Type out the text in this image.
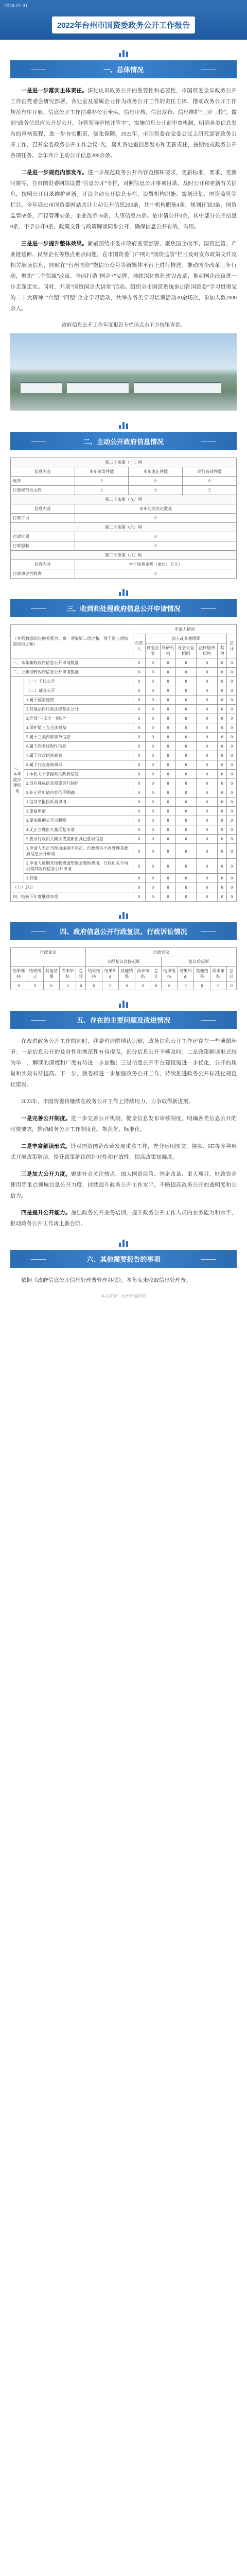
2024-01-31
2022年台州市国资委政务公开工作报告
一、总体情况

一是进一步落实主体责任。深化认识政务公开的重要性和必要性，市国资委全年政务公开工作由党委会研究部署，各处室及委属企业作为政务公开工作的责任主体，推动政务公开工作规范有序开展。信息公开工作由委办公室牵头，信息审核、信息发布、信息维护“三审三校”，做到“政务信息应公开尽公开，分管领导审核并签字”，实施信息公开前审查机制，明确各类信息发布的审核流程，进一步夯实职责，强化保障。2022年，市国资委在党委会议上研究部署政务公开工作，召开全委政务公开工作会议1次，落实各处室信息发布和更新责任，按期完成政务公开各项任务。全年共计主动公开信息200余条。

二是进一步规范内部发布。进一步规范政务公开内容范围和要求，更新标准、要求、更新时限等，在市国资委网站设置“信息公开”专栏，对照信息公开事项目录，及时公开和更新有关信息，按照公开目录维护更新。开设主动公开信息专栏，设置机构职能、规划计划、国资监管等栏目。全年通过市国资委网站共计主动公开信息203条，其中机构职能4条，规划计划3条，国资监管59条，产权管理52条，企业改革16条，人事信息25条。依申请公开0条，其中部分公开信息0条，不予公开0条。政策文件与政策解读同步公开，确保信息公开有效、有用。

三是进一步提升整体效果。紧紧围绕市委市政府重要部署，聚焦国企改革、国资监管、产业链延伸、民营企业等热点难点问题，在市国资委门户网站“国资监管”栏目及时发布政策文件及相关解读信息，同时在“台州国资”微信公众号等新媒体平台上进行推送。推动国企改革三年行动，聚焦“三个领域”改革，全面打造“国企+”品牌，持续深化机制建设改革，推动国企改革进一步走深走实。同时，开展“国资国企大讲堂”活动。组织全市国资系统参加省国资委“学习贯彻党的二十大精神”“六型”“四型”企业学习活动，共举办各类学习培训活动30余场次，参加人数2000余人。

政府信息公开工作年度报告专栏请点击下方按钮查看。

二、主动公开政府信息情况
第二十条第（一）项			
信息内容	本年制发件数	本年废止件数	现行有效件数
规章	0	0	0
行政规范性文件	0	0	5
第二十条第（五）项			
信息内容	本年处理决定数量		
行政许可	0		
第二十条第（六）项			
行政处罚	0		
行政强制	0		
第二十条第（八）项			
信息内容	本年收费金额（单位：万元）		
行政事业性收费	0		
三、收到和处理政府信息公开申请情况
（本列数据的勾稽关系为：第一项加第二项之和，等于第三项加第四项之和）		申请人情况						
		自然人	法人或其他组织					总计
			商业企业	科研机构	社会公益组织	法律服务机构	其他	
一、本年新收政府信息公开申请数量		0	0	0	0	0	0	0
二、上年结转政府信息公开申请数量		0	0	0	0	0	0	0
三、本年度办理结果	（一）予以公开	0	0	0	0	0	0	0
	（二）部分公开	0	0	0	0	0	0	0
	1.属于国家秘密	0	0	0	0	0	0	0
	2.其他法律行政法规禁止公开	0	0	0	0	0	0	0
	3.危及“三安全一稳定”	0	0	0	0	0	0	0
	4.保护第三方合法权益	0	0	0	0	0	0	0
	5.属于三类内部事务信息	0	0	0	0	0	0	0
	6.属于四类过程性信息	0	0	0	0	0	0	0
	7.属于行政执法案卷	0	0	0	0	0	0	0
	8.属于行政查询事项	0	0	0	0	0	0	0
	1.本机关不掌握相关政府信息	0	0	0	0	0	0	0
	2.没有现成信息需要另行制作	0	0	0	0	0	0	0
	3.补正后申请内容仍不明确	0	0	0	0	0	0	0
	1.信访举报投诉类申请	0	0	0	0	0	0	0
	2.重复申请	0	0	0	0	0	0	0
	3.要求提供公开出版物	0	0	0	0	0	0	0
	4.无正当理由大量反复申请	0	0	0	0	0	0	0
	5.要求行政机关确认或重新出具已获取信息	0	0	0	0	0	0	0
	1.申请人无正当理由逾期不补正、行政机关不再处理其政府信息公开申请	0	0	0	0	0	0	0
	2.申请人逾期未按收费通知要求缴纳费用、行政机关不再处理其政府信息公开申请	0	0	0	0	0	0	0
	3.其他	0	0	0	0	0	0	0
（七）总计		0	0	0	0	0	0	0
四、结转下年度继续办理		0	0	0	0	0	0	0
四、政府信息公开行政复议、行政诉讼情况
行政复议					行政诉讼									
					未经复议直接起诉					复议后起诉				
结果维持	结果纠正	其他结果	尚未审结	总计	结果维持	结果纠正	其他结果	尚未审结	总计	结果维持	结果纠正	其他结果	尚未审结	总计
0	0	0	0	0	0	0	0	0	0	0	0	0	0	0
五、存在的主要问题及改进情况

在改进政务公开工作的同时，我委也清醒地认识到，政务信息公开工作还存在一些薄弱环节：一是信息公开的及时性和规范性有待提高，部分信息公开不够及时；二是政策解读形式较为单一，解读的深度和广度有待进一步加强；三是信息公开平台建设需进一步优化，公开的质量和实效有待提高。下一步，我委将进一步加强政务公开工作，持续推进政务公开标准化规范化建设。

2023年，市国资委将继续在政务公开工作上持续用力，力争取得新进展。

一是完善公开制度。进一步完善公开机制，健全信息发布审核制度，明确各类信息公开的时限要求，推动政务公开工作制度化、规范化、标准化。

二是丰富解读形式。针对国资国企改革发展重点工作，充分运用图文、视频、H5等多种形式开展政策解读，提升政策解读的针对性和有效性，提高政策知晓度。

三是加大公开力度。聚焦社会关注热点，加大国资监管、国企改革、重大项目、财政资金使用等重点领域信息公开力度，持续提升政务公开工作水平，不断提高政务公开的透明度和公信力。

四是提升公开能力。加强政务公开业务培训，提升政务公开工作人员的业务能力和水平，推动政务公开工作再上新台阶。

六、其他需要报告的事项

依据《政府信息公开信息处理费管理办法》，本年度未收取信息处理费。

本文来源：台州市国资委
